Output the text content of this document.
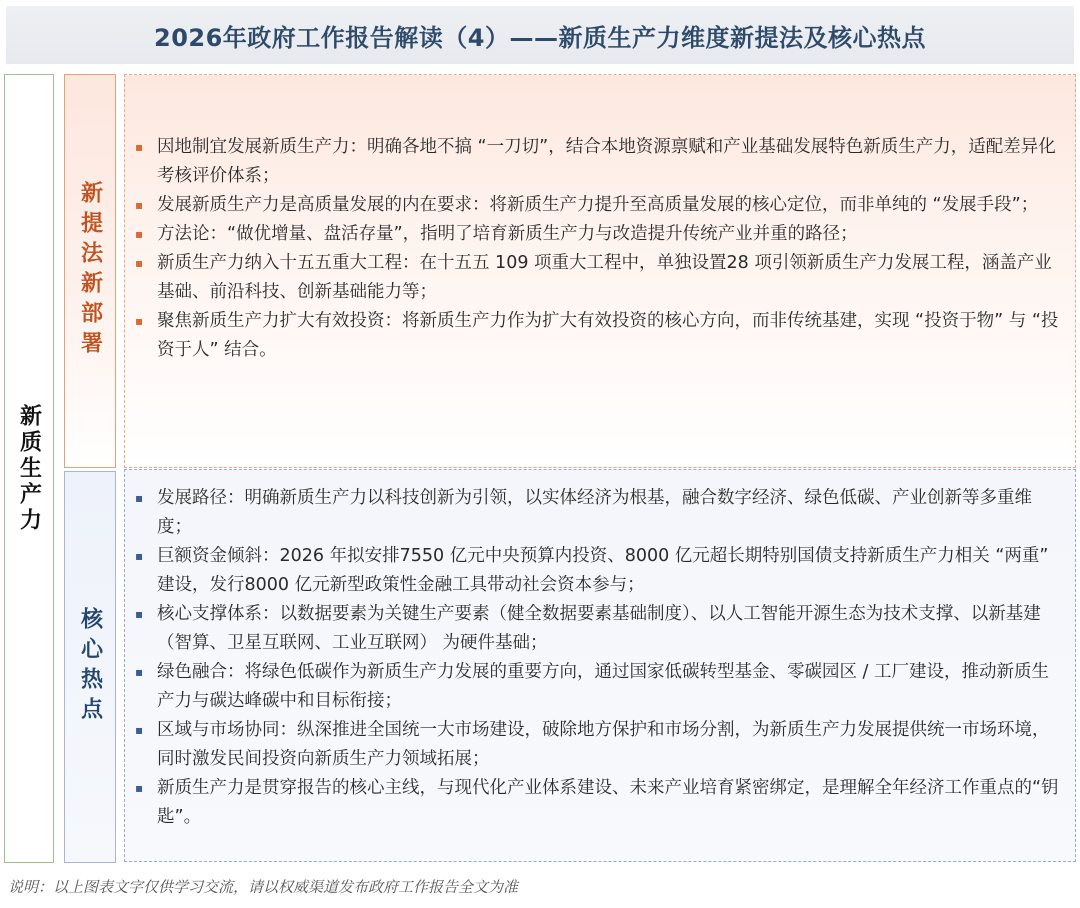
2026年政府工作报告解读（4）——新质生产力维度新提法及核心热点
新质生产力
新提法新部署
▪ 因地制宜发展新质生产力：明确各地不搞 “一刀切”，结合本地资源禀赋和产业基础发展特色新质生产力，适配差异化考核评价体系；
▪ 发展新质生产力是高质量发展的内在要求：将新质生产力提升至高质量发展的核心定位，而非单纯的 “发展手段”；
▪ 方法论：“做优增量、盘活存量”，指明了培育新质生产力与改造提升传统产业并重的路径；
▪ 新质生产力纳入十五五重大工程：在十五五 109 项重大工程中，单独设置28 项引领新质生产力发展工程，涵盖产业基础、前沿科技、创新基础能力等；
▪ 聚焦新质生产力扩大有效投资：将新质生产力作为扩大有效投资的核心方向，而非传统基建，实现 “投资于物” 与 “投资于人” 结合。
核心热点
▪ 发展路径：明确新质生产力以科技创新为引领，以实体经济为根基，融合数字经济、绿色低碳、产业创新等多重维度；
▪ 巨额资金倾斜：2026 年拟安排7550 亿元中央预算内投资、8000 亿元超长期特别国债支持新质生产力相关 “两重” 建设，发行8000 亿元新型政策性金融工具带动社会资本参与；
▪ 核心支撑体系：以数据要素为关键生产要素（健全数据要素基础制度）、以人工智能开源生态为技术支撑、以新基建（智算、卫星互联网、工业互联网） 为硬件基础；
▪ 绿色融合：将绿色低碳作为新质生产力发展的重要方向，通过国家低碳转型基金、零碳园区 / 工厂建设，推动新质生产力与碳达峰碳中和目标衔接；
▪ 区域与市场协同：纵深推进全国统一大市场建设，破除地方保护和市场分割，为新质生产力发展提供统一市场环境，同时激发民间投资向新质生产力领域拓展；
▪ 新质生产力是贯穿报告的核心主线，与现代化产业体系建设、未来产业培育紧密绑定，是理解全年经济工作重点的“钥匙”。
说明：以上图表文字仅供学习交流，请以权威渠道发布政府工作报告全文为准
